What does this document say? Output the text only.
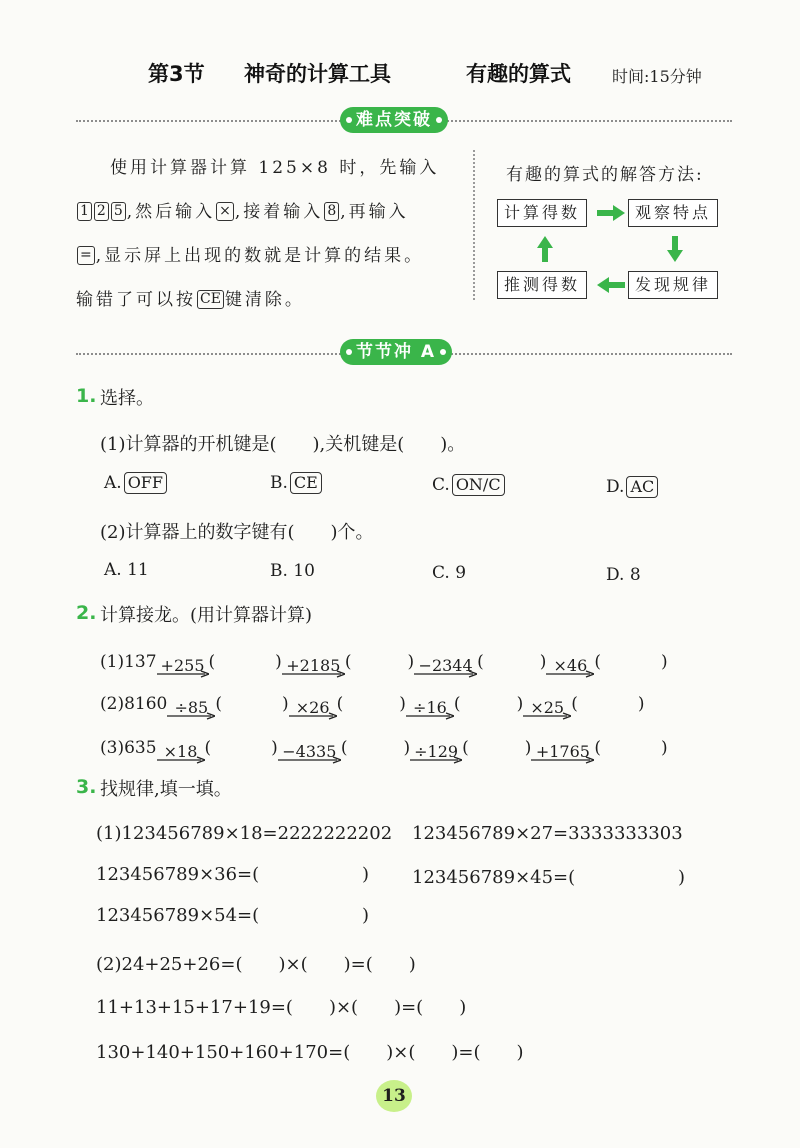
第3节 神奇的计算工具	有趣的算式	时间:15分钟
难点突破

使用计算器计算 125×8 时，先输入

1 2 5 ,然后输入 × ,接着输入 8 ,再输入

= ,显示屏上出现的数就是计算的结果。

输错了可以按 CE 键清除。

有趣的算式的解答方法:
计算得数	观察特点
发现规律
推测得数
节节冲 A
1. 选择。
(1)计算器的开机键是(　　),关机键是(　　)。
A. OFF	B. CE	C. ON/C	D. AC
(2)计算器上的数字键有(　　)个。
A. 11	B. 10	C. 9	D. 8
2. 计算接龙。(用计算器计算)
(1)137 +255 (	) +2185 (	) −2344 (	) ×46 (	)
(2)8160 ÷85 (	) ×26 (	) ÷16 (	) ×25 (	)
(3)635 ×18 (	) −4335 (	) ÷129 (	) +1765 (	)
3. 找规律,填一填。
(1)123456789×18=2222222202 123456789×27=3333333303
123456789×36=(	) 123456789×45=(	)
123456789×54=(	)
(2)24+25+26=(　　)×(　　)=(　　)
11+13+15+17+19=(　　)×(　　)=(　　)
130+140+150+160+170=(　　)×(　　)=(　　)
13
